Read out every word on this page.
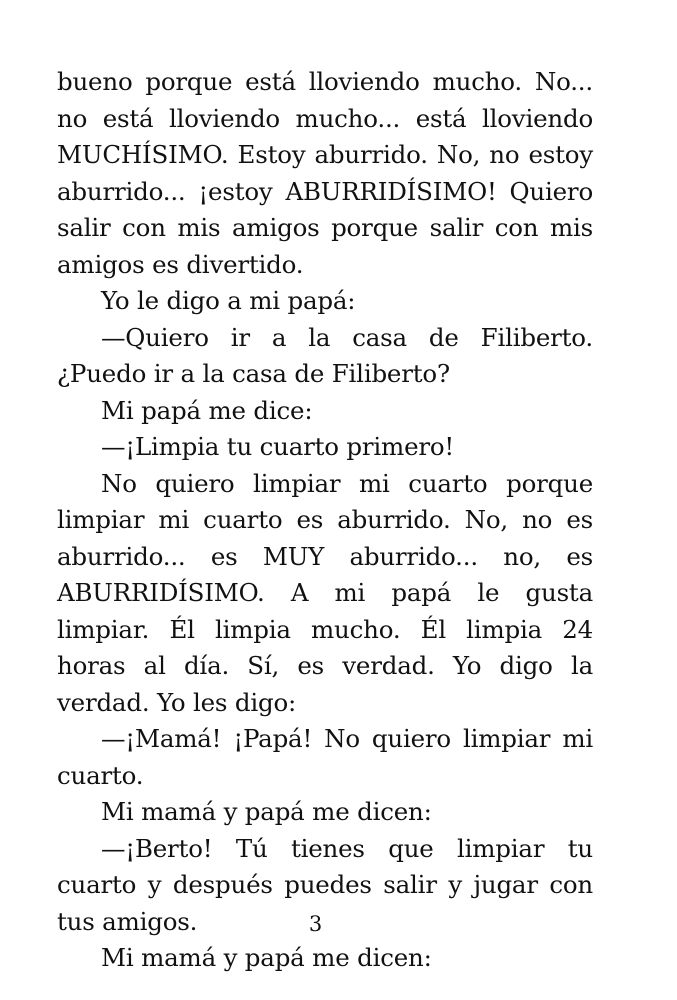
bueno porque está lloviendo mucho. No... no está lloviendo mucho... está lloviendo MUCHÍSIMO. Estoy aburrido. No, no estoy aburrido... ¡estoy ABURRIDÍSIMO! Quiero salir con mis amigos porque salir con mis amigos es divertido.

Yo le digo a mi papá:

—Quiero ir a la casa de Filiberto. ¿Puedo ir a la casa de Filiberto?

Mi papá me dice:

—¡Limpia tu cuarto primero!

No quiero limpiar mi cuarto porque limpiar mi cuarto es aburrido. No, no es aburrido... es MUY aburrido... no, es ABURRIDÍSIMO. A mi papá le gusta limpiar. Él limpia mucho. Él limpia 24 horas al día. Sí, es verdad. Yo digo la verdad. Yo les digo:

—¡Mamá! ¡Papá! No quiero limpiar mi cuarto.

Mi mamá y papá me dicen:

—¡Berto! Tú tienes que limpiar tu cuarto y después puedes salir y jugar con tus amigos.

Mi mamá y papá me dicen:

3
